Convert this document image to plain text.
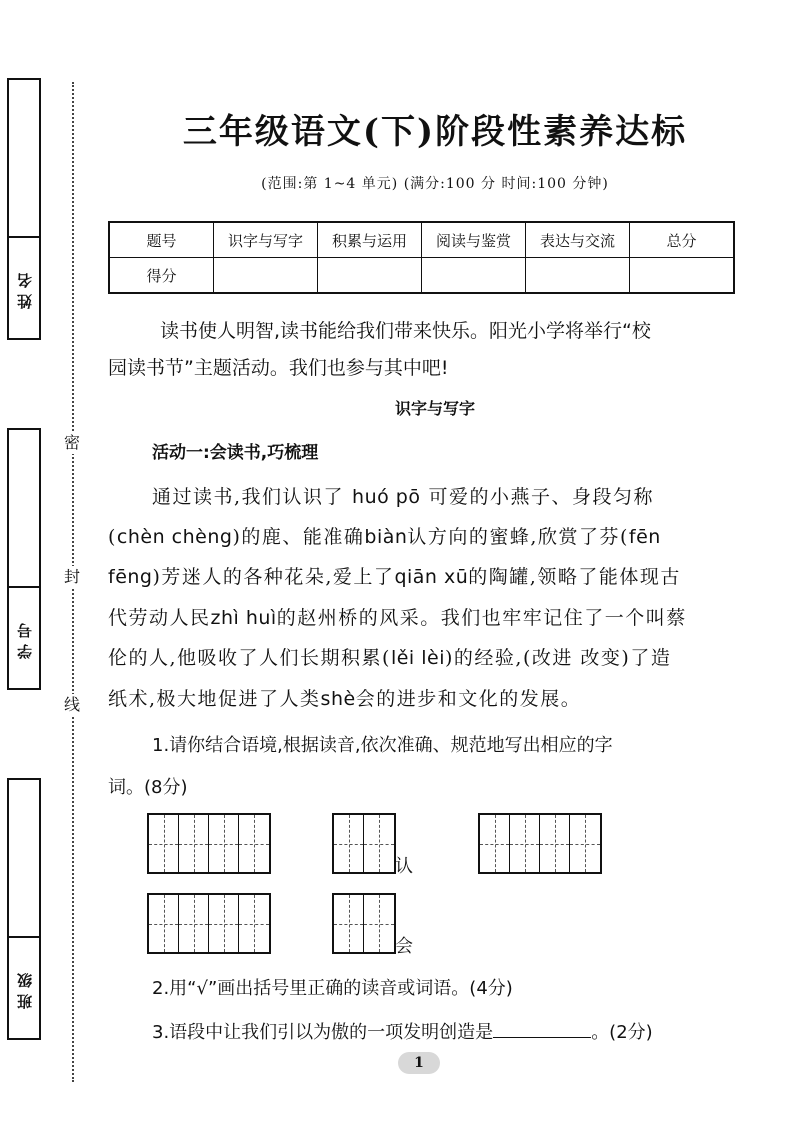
姓名
学号
班级
密
封
线
三年级语文(下)阶段性素养达标
(范围:第 1~4 单元) (满分:100 分 时间:100 分钟)
题号	识字与写字	积累与运用	阅读与鉴赏	表达与交流	总分
得分					
读书使人明智,读书能给我们带来快乐。阳光小学将举行“校
园读书节”主题活动。我们也参与其中吧!
识字与写字
活动一:会读书,巧梳理
通过读书,我们认识了 huó pō 可爱的小燕子、身段匀称
(chèn chèng)的鹿、能准确biàn认方向的蜜蜂,欣赏了芬(fēn
fēng)芳迷人的各种花朵,爱上了qiān xū的陶罐,领略了能体现古
代劳动人民zhì huì的赵州桥的风采。我们也牢牢记住了一个叫蔡
伦的人,他吸收了人们长期积累(lěi lèi)的经验,(改进 改变)了造
纸术,极大地促进了人类shè会的进步和文化的发展。
1.请你结合语境,根据读音,依次准确、规范地写出相应的字
词。(8分)
认
会
2.用“√”画出括号里正确的读音或词语。(4分)
3.语段中让我们引以为傲的一项发明创造是	。(2分)
1
